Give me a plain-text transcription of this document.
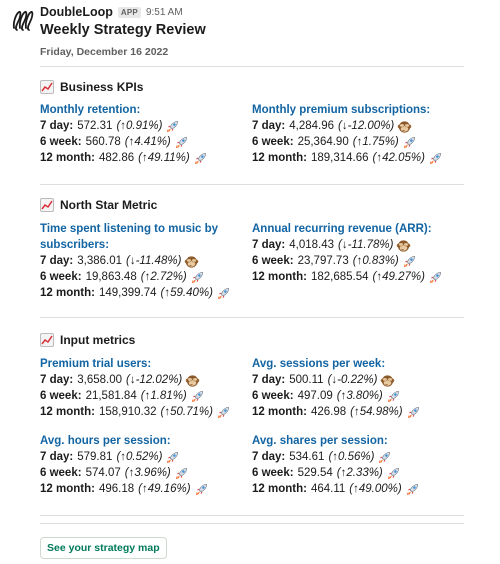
DoubleLoop	APP 9:51 AM
Weekly Strategy Review
Friday, December 16 2022
Business KPIs
Monthly retention:
7 day: 572.31 (↑0.91%)
6 week: 560.78 (↑4.41%)
12 month: 482.86 (↑49.11%)
Monthly premium subscriptions:
7 day: 4,284.96 (↓-12.00%)
6 week: 25,364.90 (↑1.75%)
12 month: 189,314.66 (↑42.05%)
North Star Metric
Time spent listening to music by subscribers:
7 day: 3,386.01 (↓-11.48%)
6 week: 19,863.48 (↑2.72%)
12 month: 149,399.74 (↑59.40%)
Annual recurring revenue (ARR):
7 day: 4,018.43 (↓-11.78%)
6 week: 23,797.73 (↑0.83%)
12 month: 182,685.54 (↑49.27%)
Input metrics
Premium trial users:
7 day: 3,658.00 (↓-12.02%)
6 week: 21,581.84 (↑1.81%)
12 month: 158,910.32 (↑50.71%)
Avg. sessions per week:
7 day: 500.11 (↓-0.22%)
6 week: 497.09 (↑3.80%)
12 month: 426.98 (↑54.98%)
Avg. hours per session:
7 day: 579.81 (↑0.52%)
6 week: 574.07 (↑3.96%)
12 month: 496.18 (↑49.16%)
Avg. shares per session:
7 day: 534.61 (↑0.56%)
6 week: 529.54 (↑2.33%)
12 month: 464.11 (↑49.00%)
See your strategy map
